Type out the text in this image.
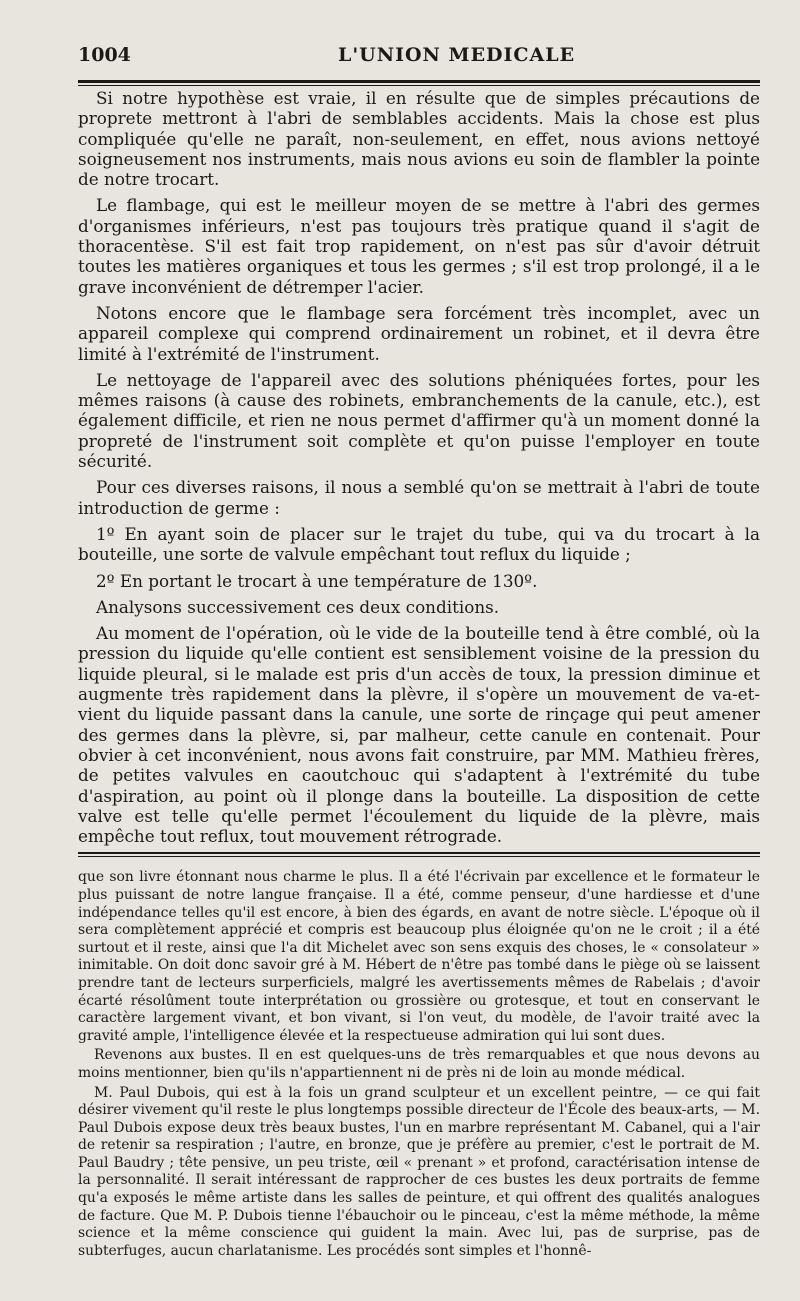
1004	L'UNION MEDICALE

Si notre hypothèse est vraie, il en résulte que de simples précautions de proprete mettront à l'abri de semblables accidents. Mais la chose est plus compliquée qu'elle ne paraît, non-seulement, en effet, nous avions nettoyé soigneusement nos instruments, mais nous avions eu soin de flambler la pointe de notre trocart.

Le flambage, qui est le meilleur moyen de se mettre à l'abri des germes d'organismes inférieurs, n'est pas toujours très pratique quand il s'agit de thoracentèse. S'il est fait trop rapidement, on n'est pas sûr d'avoir détruit toutes les matières organiques et tous les germes ; s'il est trop prolongé, il a le grave inconvénient de détremper l'acier.

Notons encore que le flambage sera forcément très incomplet, avec un appareil complexe qui comprend ordinairement un robinet, et il devra être limité à l'extrémité de l'instrument.

Le nettoyage de l'appareil avec des solutions phéniquées fortes, pour les mêmes raisons (à cause des robinets, embranchements de la canule, etc.), est également difficile, et rien ne nous permet d'affirmer qu'à un moment donné la propreté de l'instrument soit complète et qu'on puisse l'employer en toute sécurité.

Pour ces diverses raisons, il nous a semblé qu'on se mettrait à l'abri de toute introduction de germe :

1º En ayant soin de placer sur le trajet du tube, qui va du trocart à la bouteille, une sorte de valvule empêchant tout reflux du liquide ;

2º En portant le trocart à une température de 130º.

Analysons successivement ces deux conditions.

Au moment de l'opération, où le vide de la bouteille tend à être comblé, où la pression du liquide qu'elle contient est sensiblement voisine de la pression du liquide pleural, si le malade est pris d'un accès de toux, la pression diminue et augmente très rapidement dans la plèvre, il s'opère un mouvement de va-et-vient du liquide passant dans la canule, une sorte de rinçage qui peut amener des germes dans la plèvre, si, par malheur, cette canule en contenait. Pour obvier à cet inconvénient, nous avons fait construire, par MM. Mathieu frères, de petites valvules en caoutchouc qui s'adaptent à l'extrémité du tube d'aspiration, au point où il plonge dans la bouteille. La disposition de cette valve est telle qu'elle permet l'écoulement du liquide de la plèvre, mais empêche tout reflux, tout mouvement rétrograde.

que son livre étonnant nous charme le plus. Il a été l'écrivain par excellence et le formateur le plus puissant de notre langue française. Il a été, comme penseur, d'une hardiesse et d'une indépendance telles qu'il est encore, à bien des égards, en avant de notre siècle. L'époque où il sera complètement apprécié et compris est beaucoup plus éloignée qu'on ne le croit ; il a été surtout et il reste, ainsi que l'a dit Michelet avec son sens exquis des choses, le « consolateur » inimitable. On doit donc savoir gré à M. Hébert de n'être pas tombé dans le piège où se laissent prendre tant de lecteurs surperficiels, malgré les avertissements mêmes de Rabelais ; d'avoir écarté résolûment toute interprétation ou grossière ou grotesque, et tout en conservant le caractère largement vivant, et bon vivant, si l'on veut, du modèle, de l'avoir traité avec la gravité ample, l'intelligence élevée et la respectueuse admiration qui lui sont dues.

Revenons aux bustes. Il en est quelques-uns de très remarquables et que nous devons au moins mentionner, bien qu'ils n'appartiennent ni de près ni de loin au monde médical.

M. Paul Dubois, qui est à la fois un grand sculpteur et un excellent peintre, — ce qui fait désirer vivement qu'il reste le plus longtemps possible directeur de l'École des beaux-arts, — M. Paul Dubois expose deux très beaux bustes, l'un en marbre représentant M. Cabanel, qui a l'air de retenir sa respiration ; l'autre, en bronze, que je préfère au premier, c'est le portrait de M. Paul Baudry ; tête pensive, un peu triste, œil « prenant » et profond, caractérisation intense de la personnalité. Il serait intéressant de rapprocher de ces bustes les deux portraits de femme qu'a exposés le même artiste dans les salles de peinture, et qui offrent des qualités analogues de facture. Que M. P. Dubois tienne l'ébauchoir ou le pinceau, c'est la même méthode, la même science et la même conscience qui guident la main. Avec lui, pas de surprise, pas de subterfuges, aucun charlatanisme. Les procédés sont simples et l'honnê-
